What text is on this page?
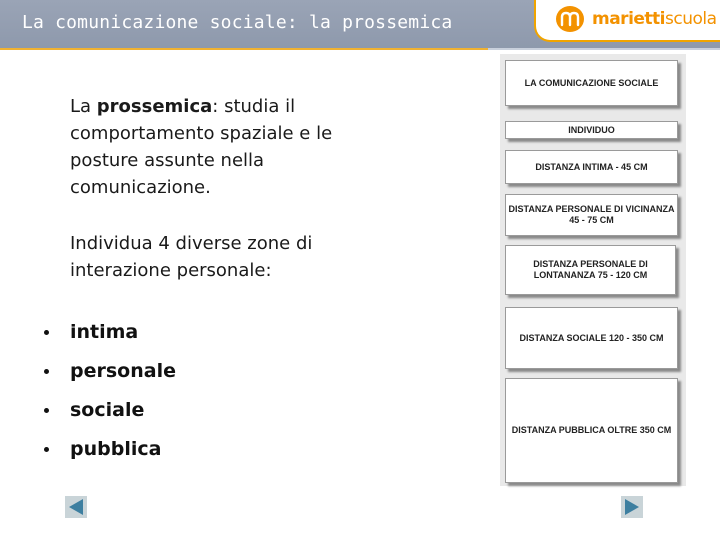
La comunicazione sociale: la prossemica	mariettiscuola
La prossemica: studia il comportamento spaziale e le posture assunte nella comunicazione.
Individua 4 diverse zone di interazione personale:
intima
personale
sociale
pubblica
LA COMUNICAZIONE SOCIALE
INDIVIDUO
DISTANZA INTIMA - 45 CM
DISTANZA PERSONALE DI VICINANZA 45 - 75 CM
DISTANZA PERSONALE DI LONTANANZA 75 - 120 CM
DISTANZA SOCIALE 120 - 350 CM
DISTANZA PUBBLICA OLTRE 350 CM
